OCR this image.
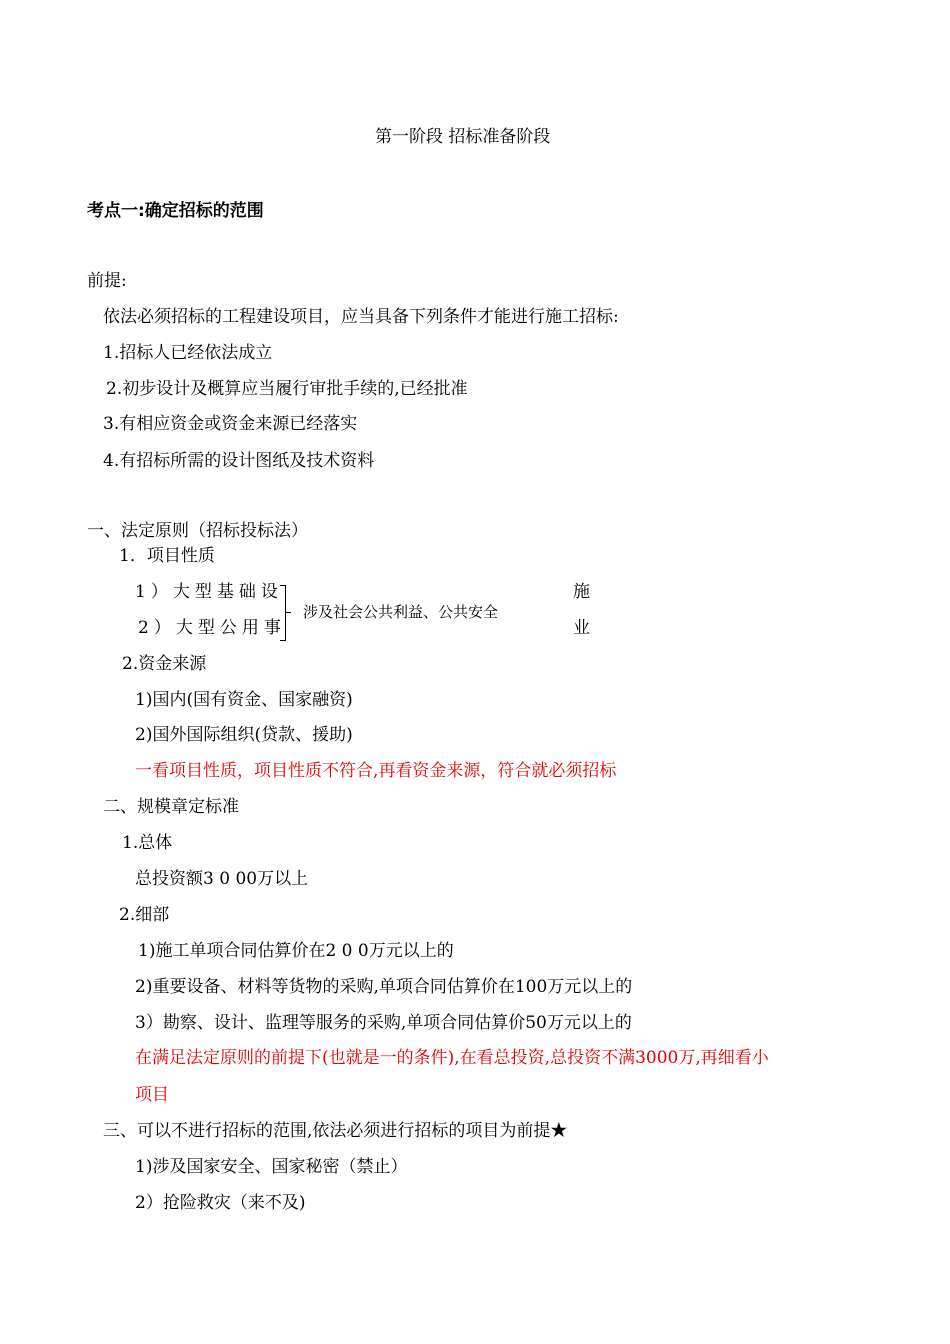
第一阶段 招标准备阶段
考点一:确定招标的范围
前提:
依法必须招标的工程建设项目，应当具备下列条件才能进行施工招标:
1.招标人已经依法成立
2.初步设计及概算应当履行审批手续的,已经批准
3.有相应资金或资金来源已经落实
4.有招标所需的设计图纸及技术资料
一、法定原则（招标投标法）
1．项目性质
1）大型基础设
2）大型公用事
涉及社会公共利益、公共安全
施
业
2.资金来源
1)国内(国有资金、国家融资)
2)国外国际组织(贷款、援助)
一看项目性质，项目性质不符合,再看资金来源，符合就必须招标
二、规模章定标准
1.总体
总投资额3 0 00万以上
2.细部
1)施工单项合同估算价在2 0 0万元以上的
2)重要设备、材料等货物的采购,单项合同估算价在100万元以上的
3）勘察、设计、监理等服务的采购,单项合同估算价50万元以上的
在满足法定原则的前提下(也就是一的条件),在看总投资,总投资不满3000万,再细看小
项目
三、可以不进行招标的范围,依法必须进行招标的项目为前提★
1)涉及国家安全、国家秘密（禁止）
2）抢险救灾（来不及)
